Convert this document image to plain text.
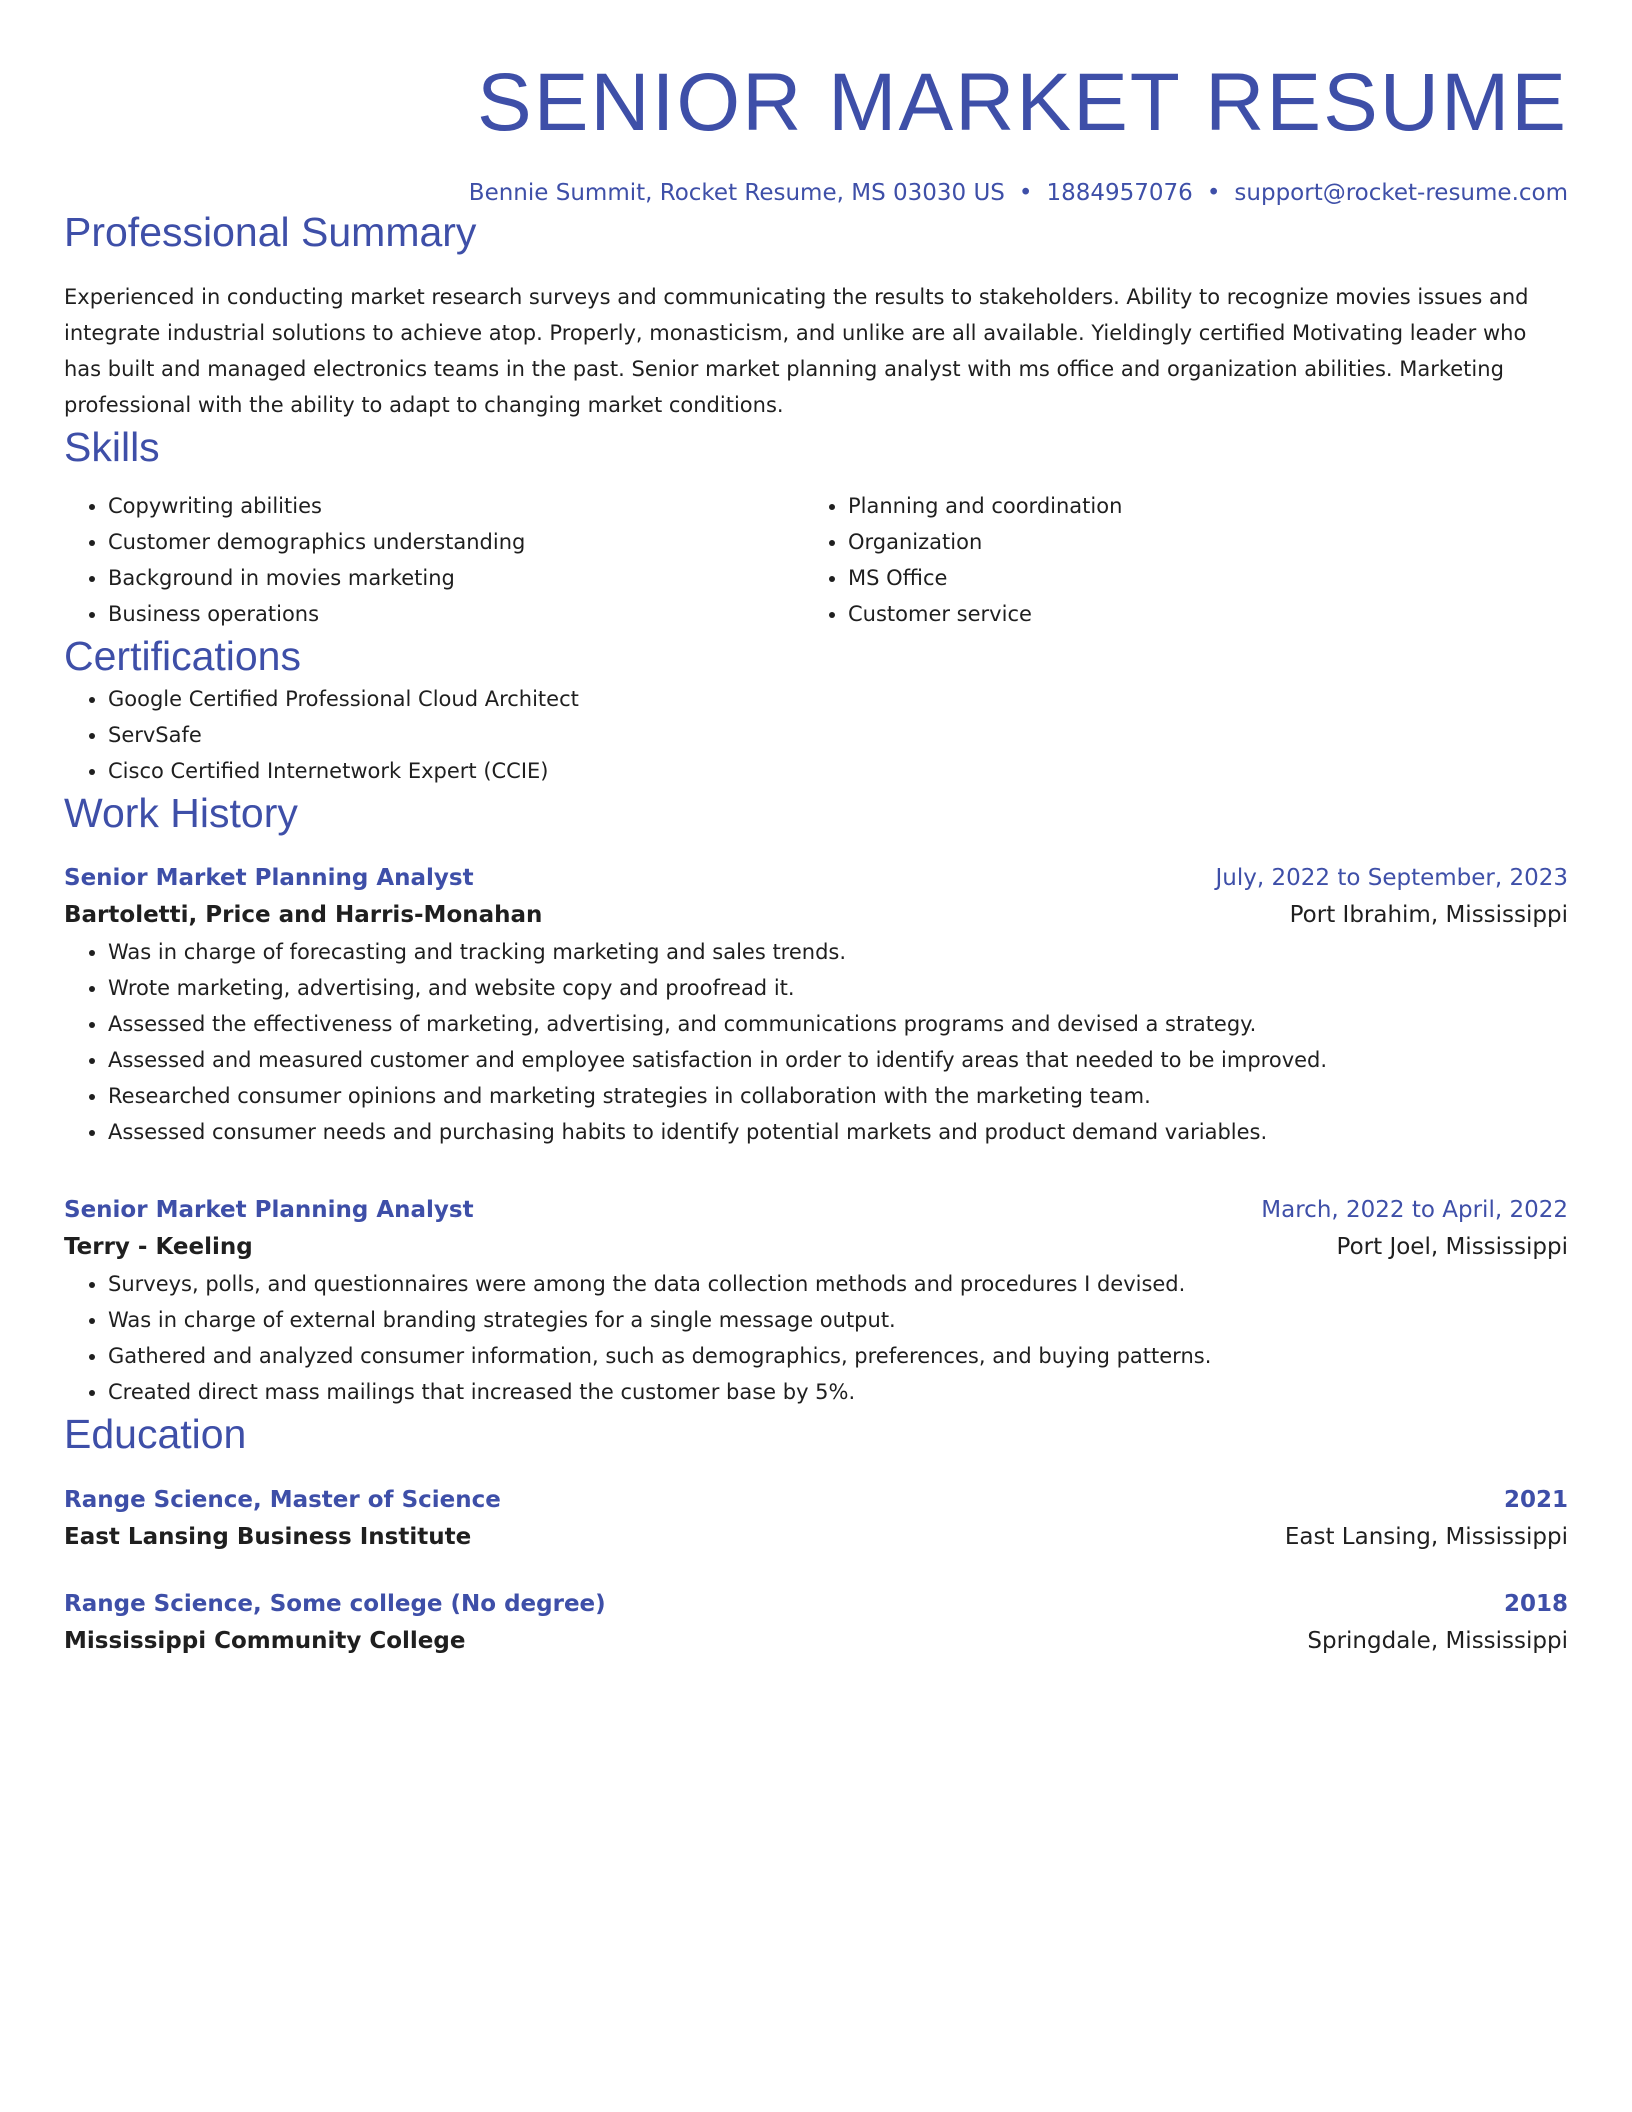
SENIOR MARKET RESUME
Bennie Summit, Rocket Resume, MS 03030 US • 1884957076 • support@rocket-resume.com
Professional Summary
Experienced in conducting market research surveys and communicating the results to stakeholders. Ability to recognize movies issues and integrate industrial solutions to achieve atop. Properly, monasticism, and unlike are all available. Yieldingly certified Motivating leader who has built and managed electronics teams in the past. Senior market planning analyst with ms office and organization abilities. Marketing professional with the ability to adapt to changing market conditions.
Skills
• Copywriting abilities
• Customer demographics understanding
• Background in movies marketing
• Business operations
• Planning and coordination
• Organization
• MS Office
• Customer service
Certifications
• Google Certified Professional Cloud Architect
• ServSafe
• Cisco Certified Internetwork Expert (CCIE)
Work History
Senior Market Planning Analyst	July, 2022 to September, 2023
Bartoletti, Price and Harris-Monahan	Port Ibrahim, Mississippi
• Was in charge of forecasting and tracking marketing and sales trends.
• Wrote marketing, advertising, and website copy and proofread it.
• Assessed the effectiveness of marketing, advertising, and communications programs and devised a strategy.
• Assessed and measured customer and employee satisfaction in order to identify areas that needed to be improved.
• Researched consumer opinions and marketing strategies in collaboration with the marketing team.
• Assessed consumer needs and purchasing habits to identify potential markets and product demand variables.
Senior Market Planning Analyst	March, 2022 to April, 2022
Terry - Keeling	Port Joel, Mississippi
• Surveys, polls, and questionnaires were among the data collection methods and procedures I devised.
• Was in charge of external branding strategies for a single message output.
• Gathered and analyzed consumer information, such as demographics, preferences, and buying patterns.
• Created direct mass mailings that increased the customer base by 5%.
Education
Range Science, Master of Science	2021
East Lansing Business Institute	East Lansing, Mississippi
Range Science, Some college (No degree)	2018
Mississippi Community College	Springdale, Mississippi
